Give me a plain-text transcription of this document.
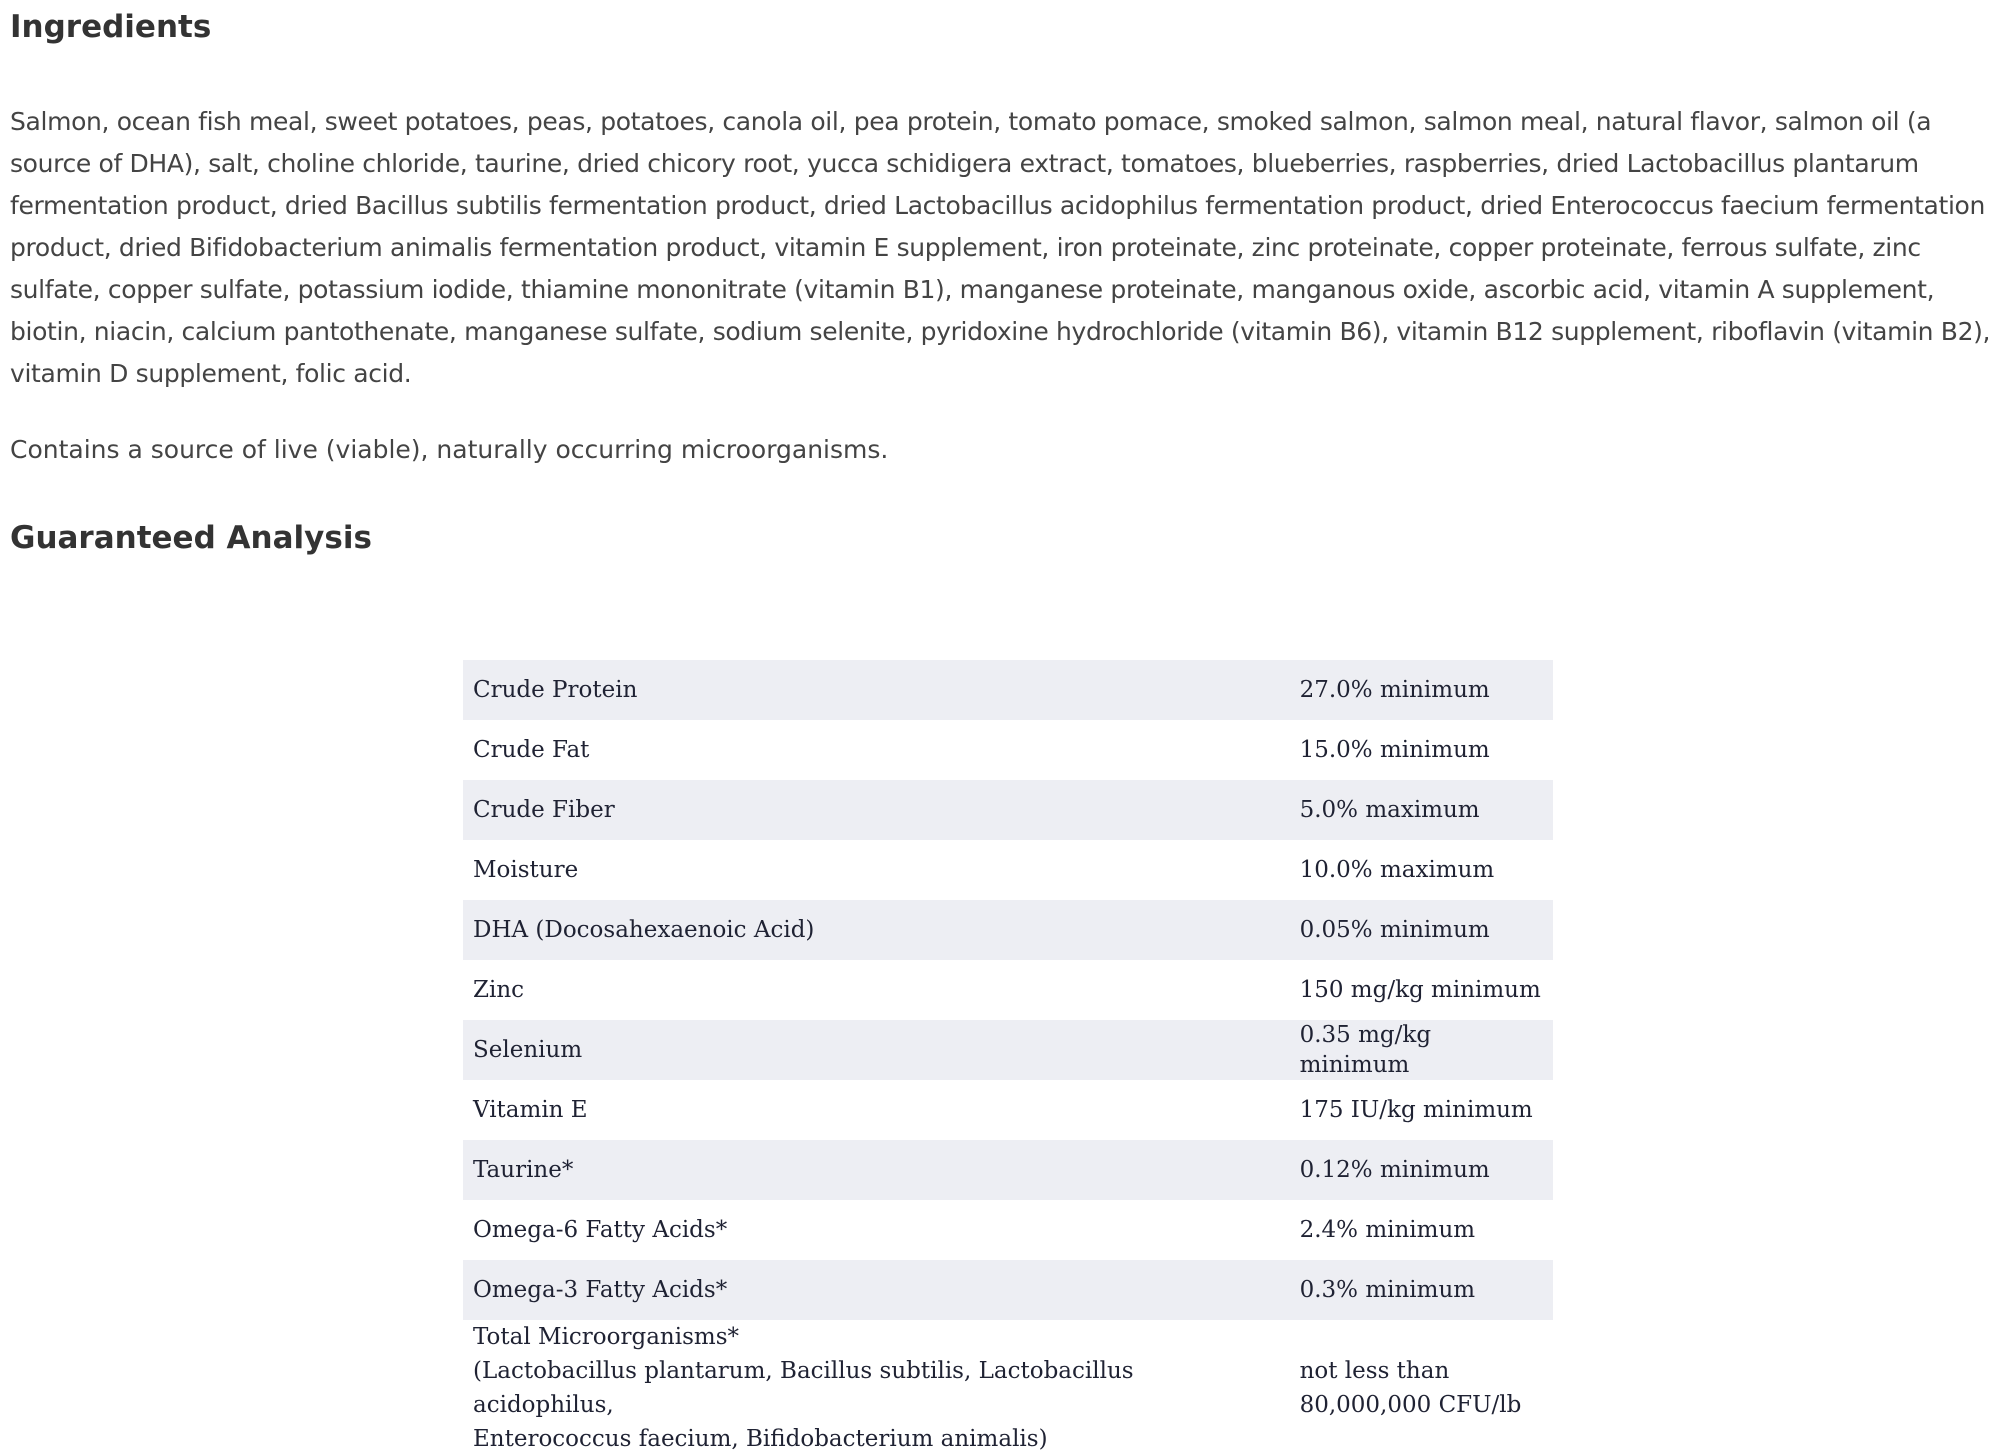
Ingredients

Salmon, ocean fish meal, sweet potatoes, peas, potatoes, canola oil, pea protein, tomato pomace, smoked salmon, salmon meal, natural flavor, salmon oil (a source of DHA), salt, choline chloride, taurine, dried chicory root, yucca schidigera extract, tomatoes, blueberries, raspberries, dried Lactobacillus plantarum fermentation product, dried Bacillus subtilis fermentation product, dried Lactobacillus acidophilus fermentation product, dried Enterococcus faecium fermentation product, dried Bifidobacterium animalis fermentation product, vitamin E supplement, iron proteinate, zinc proteinate, copper proteinate, ferrous sulfate, zinc sulfate, copper sulfate, potassium iodide, thiamine mononitrate (vitamin B1), manganese proteinate, manganous oxide, ascorbic acid, vitamin A supplement, biotin, niacin, calcium pantothenate, manganese sulfate, sodium selenite, pyridoxine hydrochloride (vitamin B6), vitamin B12 supplement, riboflavin (vitamin B2), vitamin D supplement, folic acid.

Contains a source of live (viable), naturally occurring microorganisms.

Guaranteed Analysis
Crude Protein	27.0% minimum
Crude Fat	15.0% minimum
Crude Fiber	5.0% maximum
Moisture	10.0% maximum
DHA (Docosahexaenoic Acid)	0.05% minimum
Zinc	150 mg/kg minimum
Selenium	0.35 mg/kg minimum
Vitamin E	175 IU/kg minimum
Taurine*	0.12% minimum
Omega-6 Fatty Acids*	2.4% minimum
Omega-3 Fatty Acids*	0.3% minimum

Total Microorganisms*
(Lactobacillus plantarum, Bacillus subtilis, Lactobacillus acidophilus,
Enterococcus faecium, Bifidobacterium animalis)	not less than
80,000,000 CFU/lb
